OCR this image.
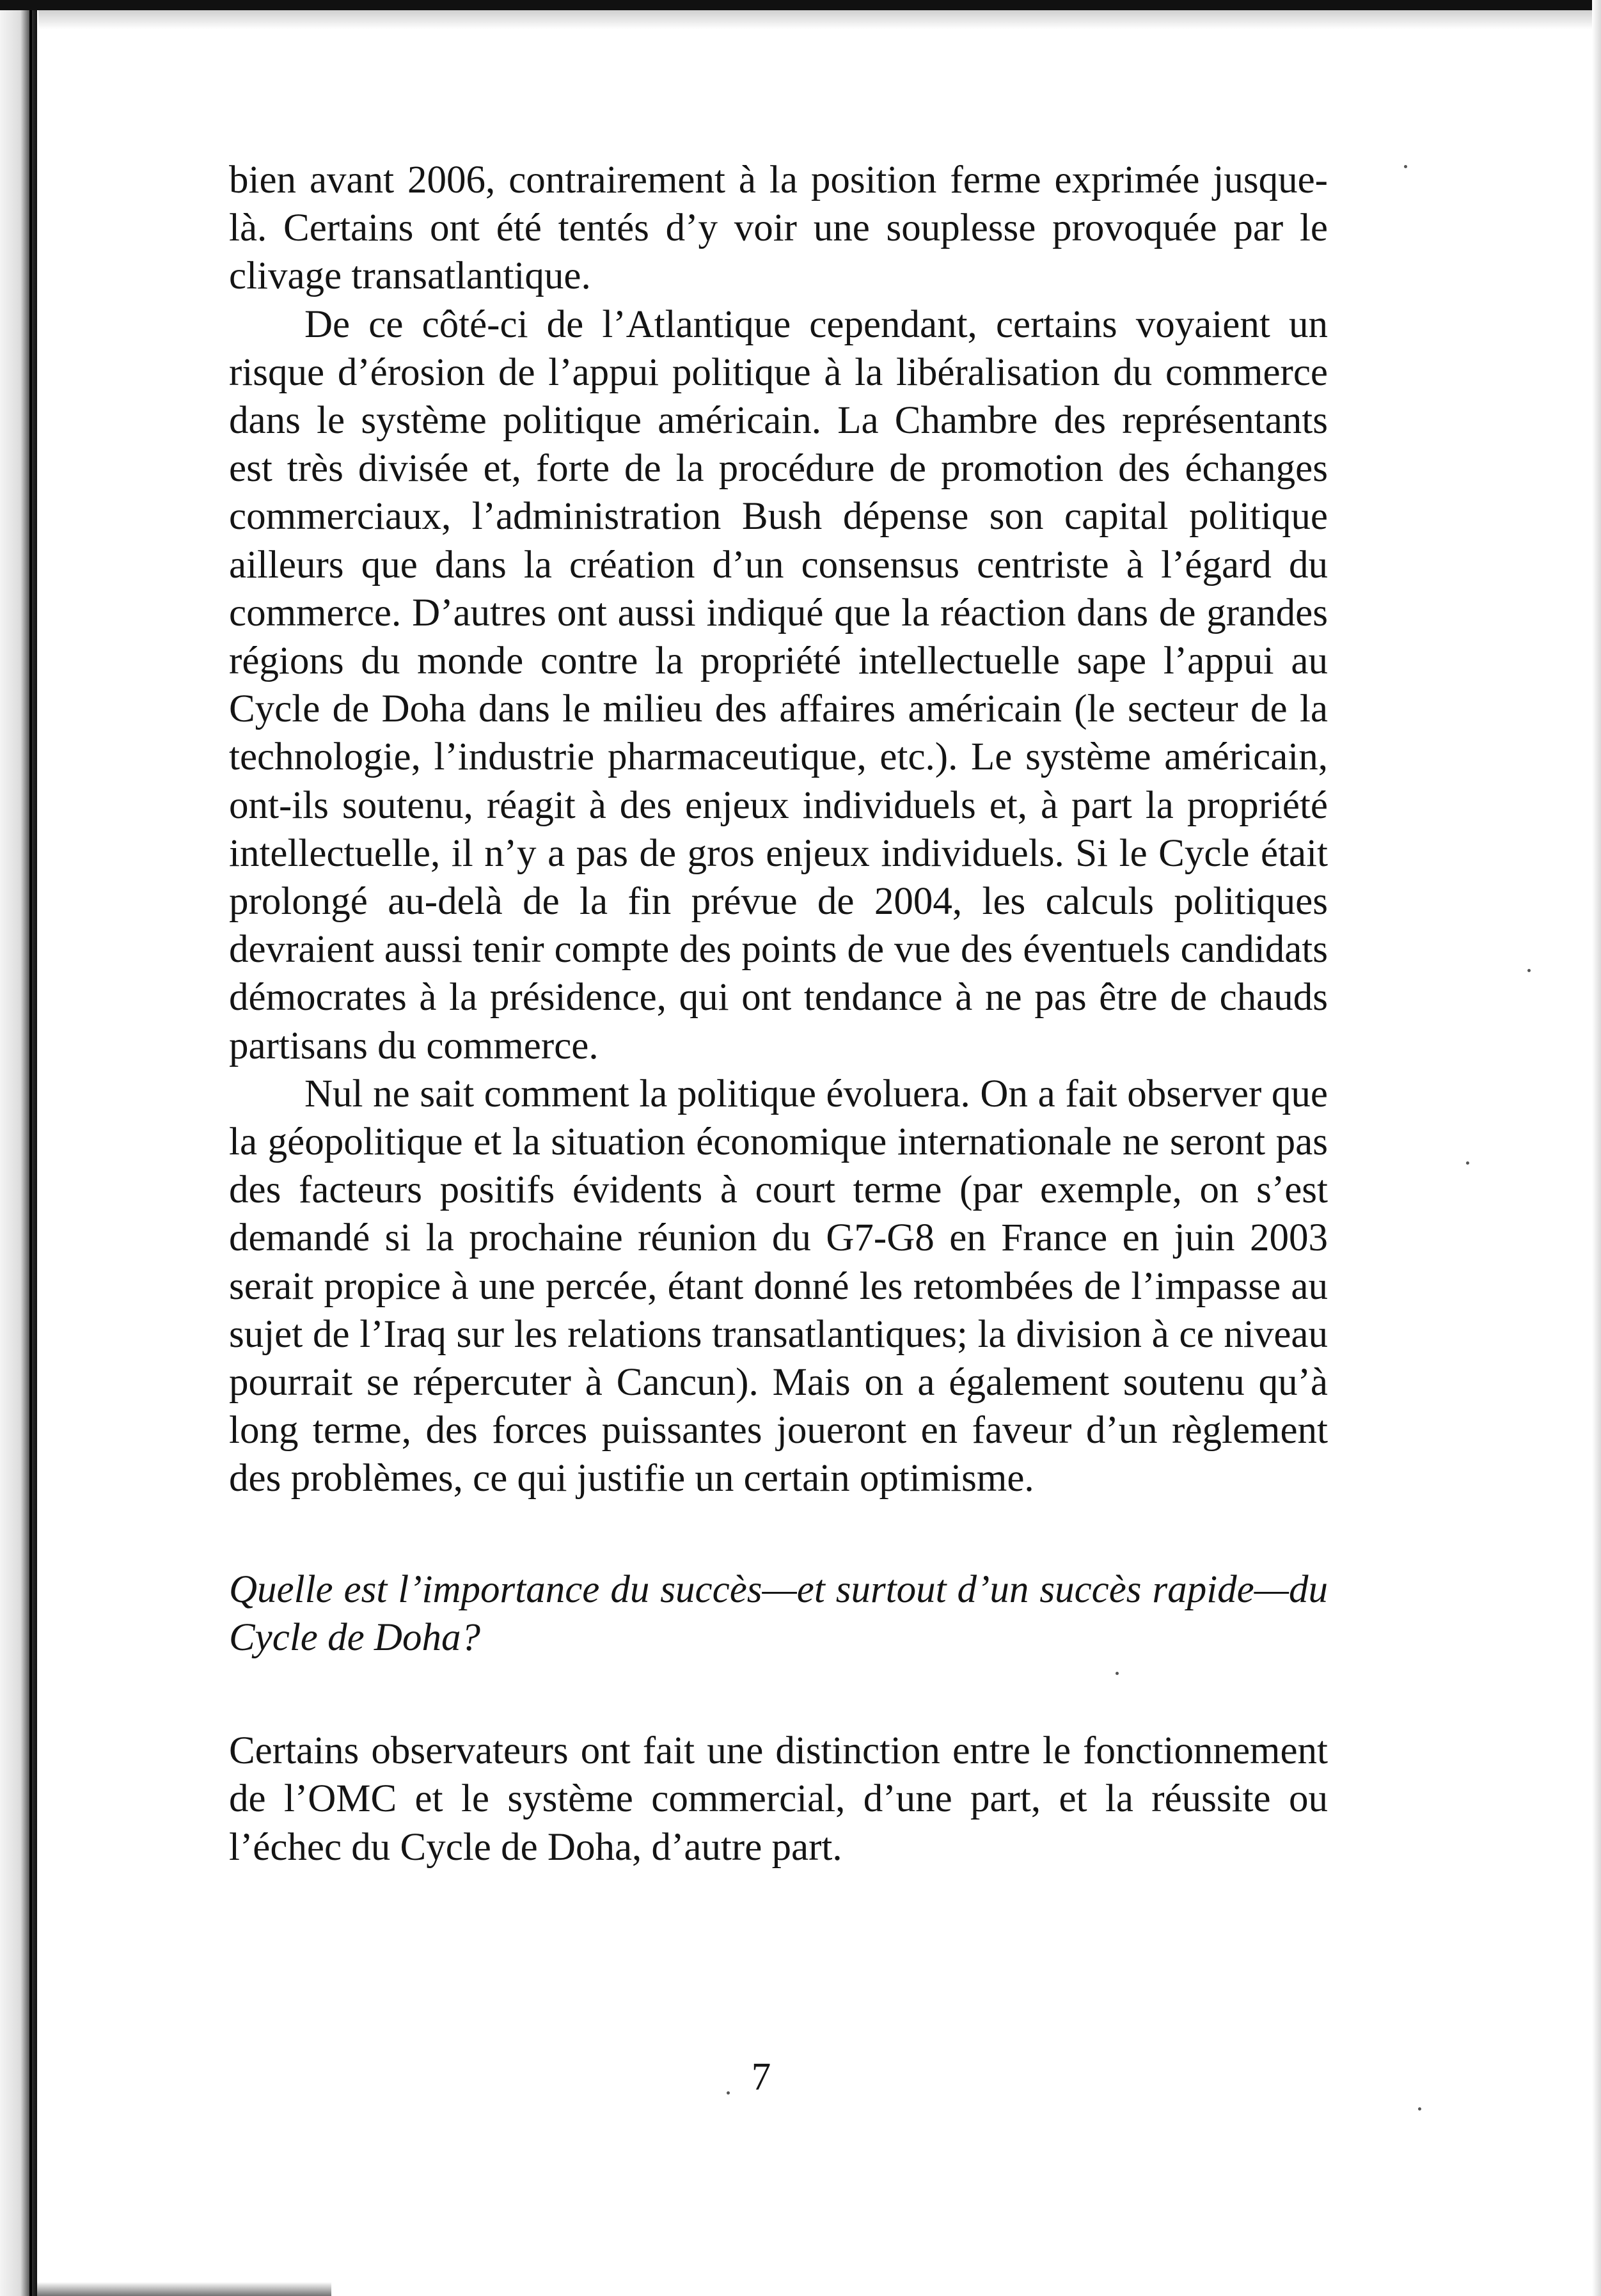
bien avant 2006, contrairement à la position ferme exprimée jusque-là. Certains ont été tentés d’y voir une souplesse provoquée par le clivage transatlantique.

De ce côté-ci de l’Atlantique cependant, certains voyaient un risque d’érosion de l’appui politique à la libéralisation du commerce dans le système politique américain. La Chambre des représentants est très divisée et, forte de la procédure de promotion des échanges commerciaux, l’administration Bush dépense son capital politique ailleurs que dans la création d’un consensus centriste à l’égard du commerce. D’autres ont aussi indiqué que la réaction dans de grandes régions du monde contre la propriété intellectuelle sape l’appui au Cycle de Doha dans le milieu des affaires américain (le secteur de la technologie, l’industrie pharmaceutique, etc.). Le système américain, ont-ils soutenu, réagit à des enjeux individuels et, à part la propriété intellectuelle, il n’y a pas de gros enjeux individuels. Si le Cycle était prolongé au-delà de la fin prévue de 2004, les calculs politiques devraient aussi tenir compte des points de vue des éventuels candidats démocrates à la présidence, qui ont tendance à ne pas être de chauds partisans du commerce.

Nul ne sait comment la politique évoluera. On a fait observer que la géopolitique et la situation économique internationale ne seront pas des facteurs positifs évidents à court terme (par exemple, on s’est demandé si la prochaine réunion du G7-G8 en France en juin 2003 serait propice à une percée, étant donné les retombées de l’impasse au sujet de l’Iraq sur les relations transatlantiques; la division à ce niveau pourrait se répercuter à Cancun). Mais on a également soutenu qu’à long terme, des forces puissantes joueront en faveur d’un règlement des problèmes, ce qui justifie un certain optimisme.

Quelle est l’importance du succès—et surtout d’un succès rapide—du Cycle de Doha?

Certains observateurs ont fait une distinction entre le fonctionnement de l’OMC et le système commercial, d’une part, et la réussite ou l’échec du Cycle de Doha, d’autre part.

7
